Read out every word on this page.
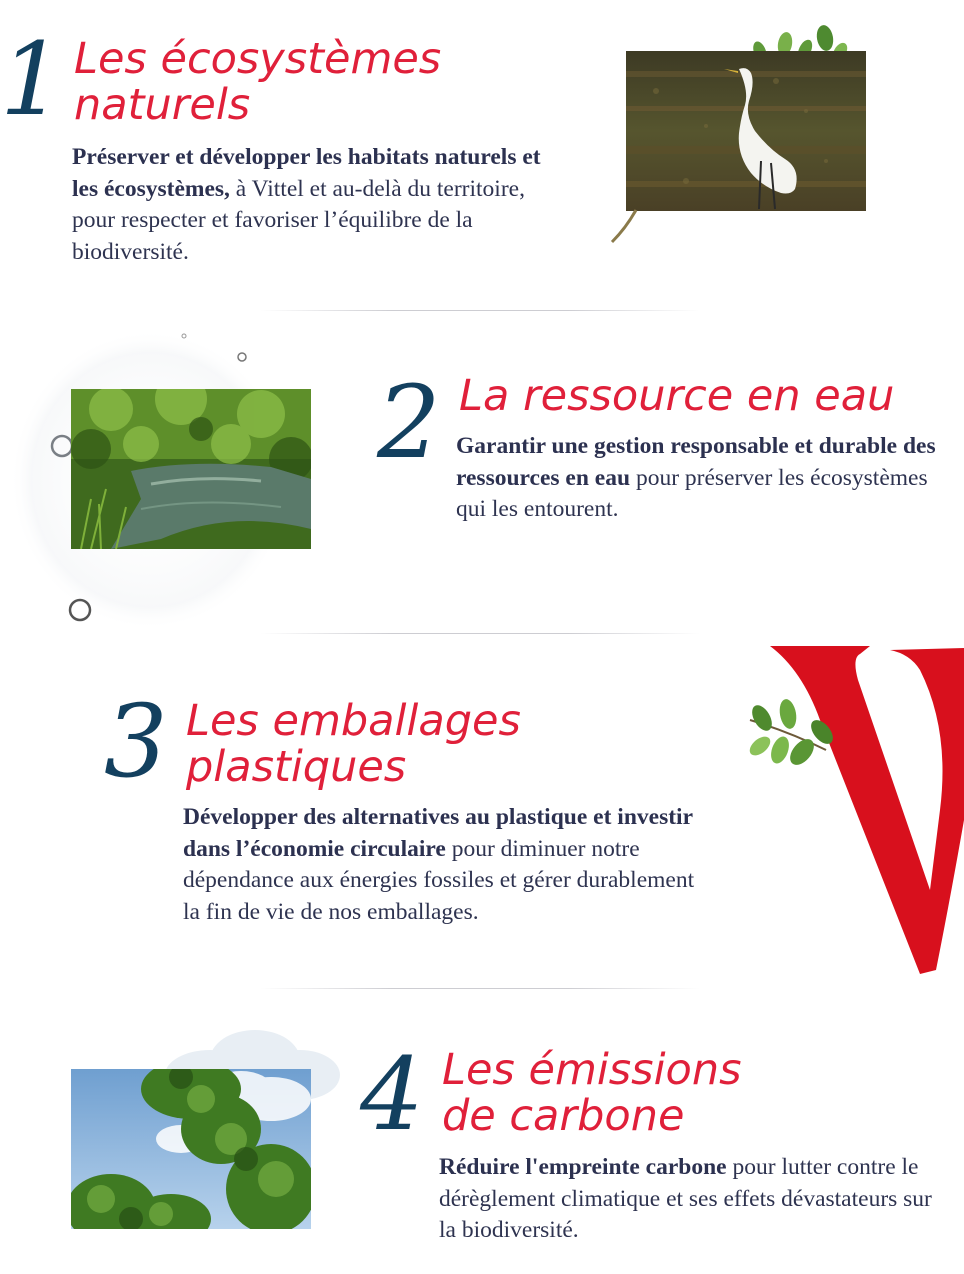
1 Les écosystèmes
naturels
Préserver et développer les habitats naturels et les écosystèmes, à Vittel et au-delà du territoire, pour respecter et favoriser l’équilibre de la biodiversité.
2 La ressource en eau
Garantir une gestion responsable et durable des ressources en eau pour préserver les écosystèmes qui les entourent.
3 Les emballages
plastiques
Développer des alternatives au plastique et investir dans l’économie circulaire pour diminuer notre dépendance aux énergies fossiles et gérer durablement la fin de vie de nos emballages.
4 Les émissions
de carbone
Réduire l'empreinte carbone pour lutter contre le dérèglement climatique et ses effets dévastateurs sur la biodiversité.
